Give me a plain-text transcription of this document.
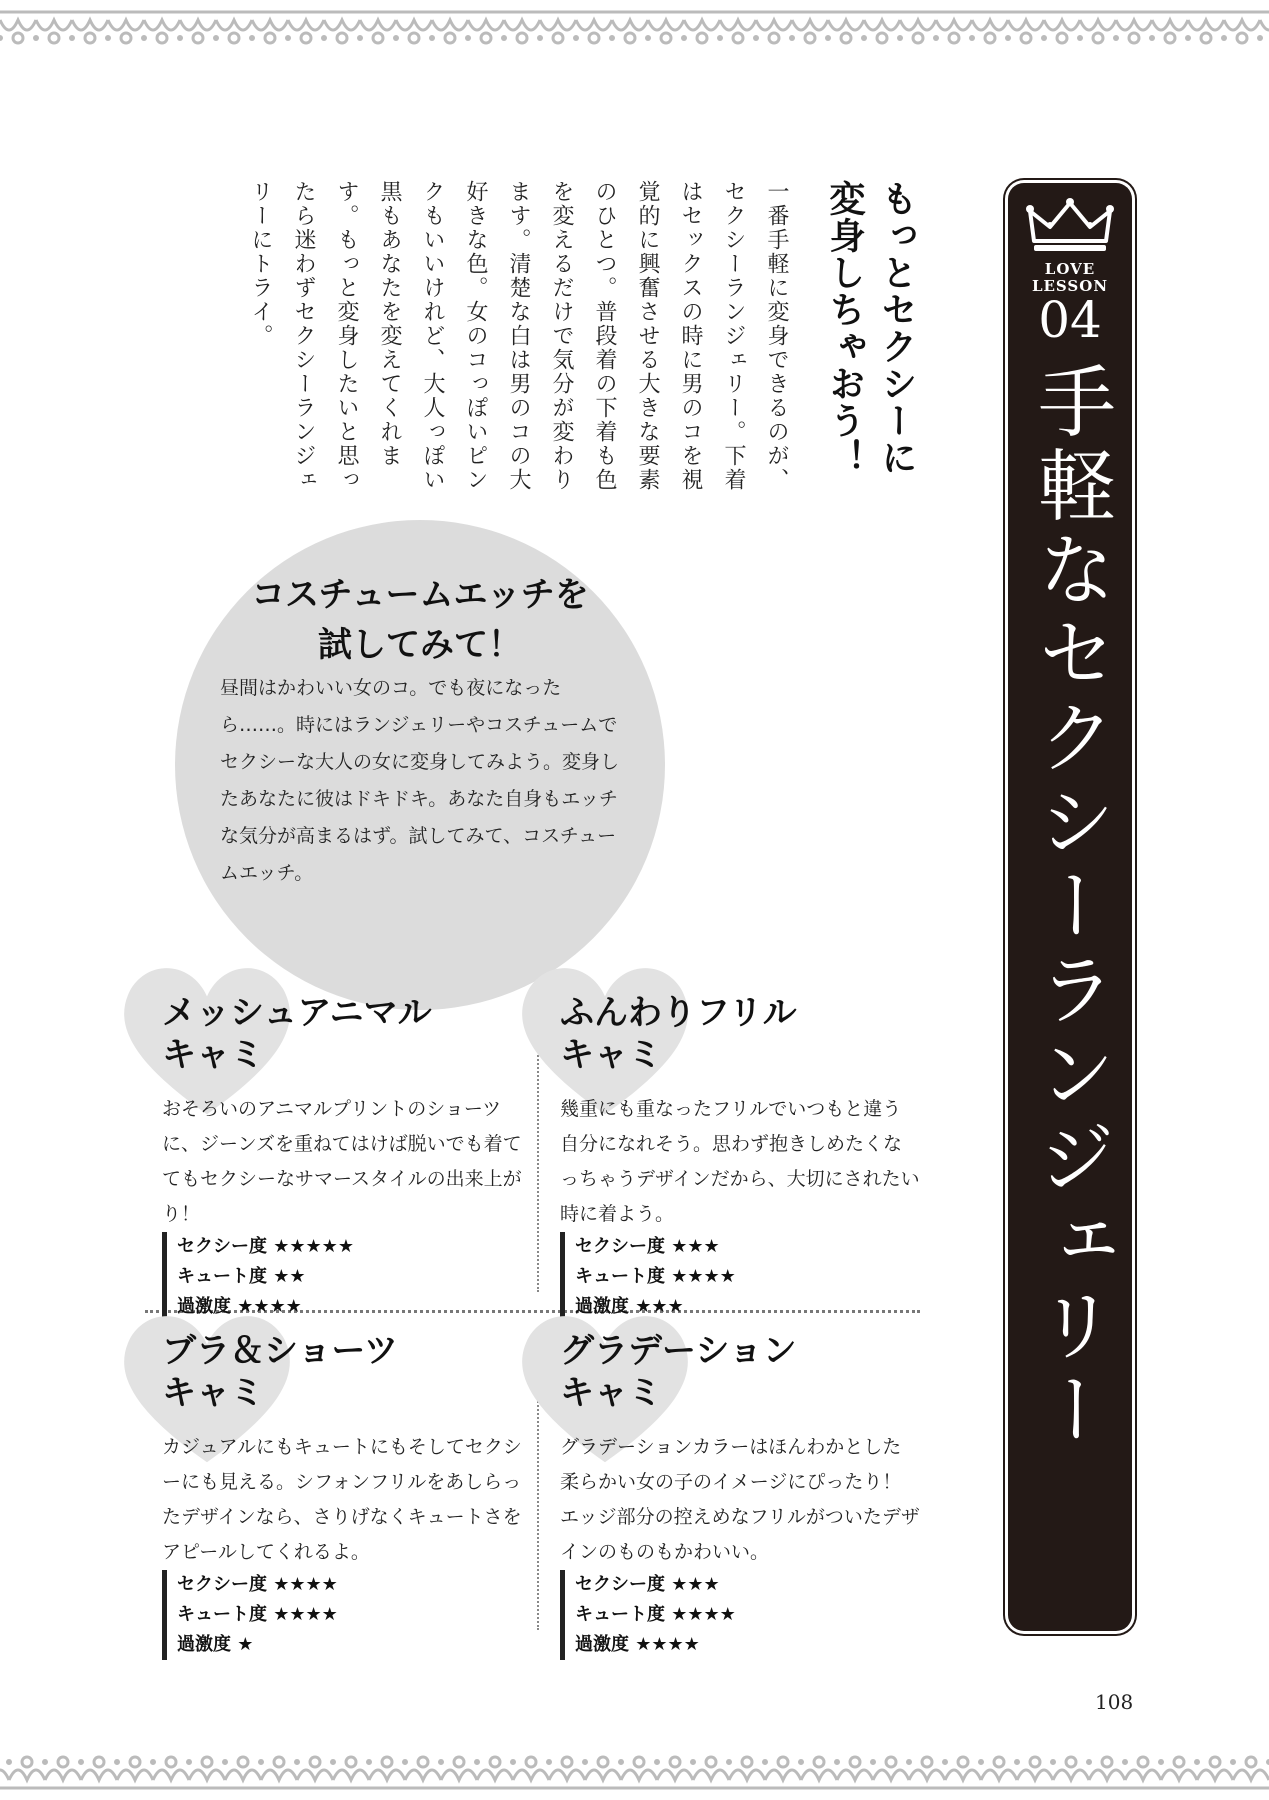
LOVE
LESSON
04
手軽なセクシーランジェリー
もっとセクシーに変身しちゃおう！
一番手軽に変身できるのが、セクシーランジェリー。下着はセックスの時に男のコを視覚的に興奮させる大きな要素のひとつ。普段着の下着も色を変えるだけで気分が変わります。清楚な白は男のコの大好きな色。女のコっぽいピンクもいいけれど、大人っぽい黒もあなたを変えてくれます。もっと変身したいと思ったら迷わずセクシーランジェリーにトライ。
コスチュームエッチを
試してみて！
昼間はかわいい女のコ。でも夜になったら……。時にはランジェリーやコスチュームでセクシーな大人の女に変身してみよう。変身したあなたに彼はドキドキ。あなた自身もエッチな気分が高まるはず。試してみて、コスチュームエッチ。
メッシュアニマル
キャミ
おそろいのアニマルプリントのショーツに、ジーンズを重ねてはけば脱いでも着ててもセクシーなサマースタイルの出来上がり！
セクシー度 ★★★★★
キュート度 ★★
過激度 ★★★★
ふんわりフリル
キャミ
幾重にも重なったフリルでいつもと違う自分になれそう。思わず抱きしめたくなっちゃうデザインだから、大切にされたい時に着よう。
セクシー度 ★★★
キュート度 ★★★★
過激度 ★★★
ブラ＆ショーツ
キャミ
カジュアルにもキュートにもそしてセクシーにも見える。シフォンフリルをあしらったデザインなら、さりげなくキュートさをアピールしてくれるよ。
セクシー度 ★★★★
キュート度 ★★★★
過激度 ★
グラデーション
キャミ
グラデーションカラーはほんわかとした柔らかい女の子のイメージにぴったり！エッジ部分の控えめなフリルがついたデザインのものもかわいい。
セクシー度 ★★★
キュート度 ★★★★
過激度 ★★★★
108
